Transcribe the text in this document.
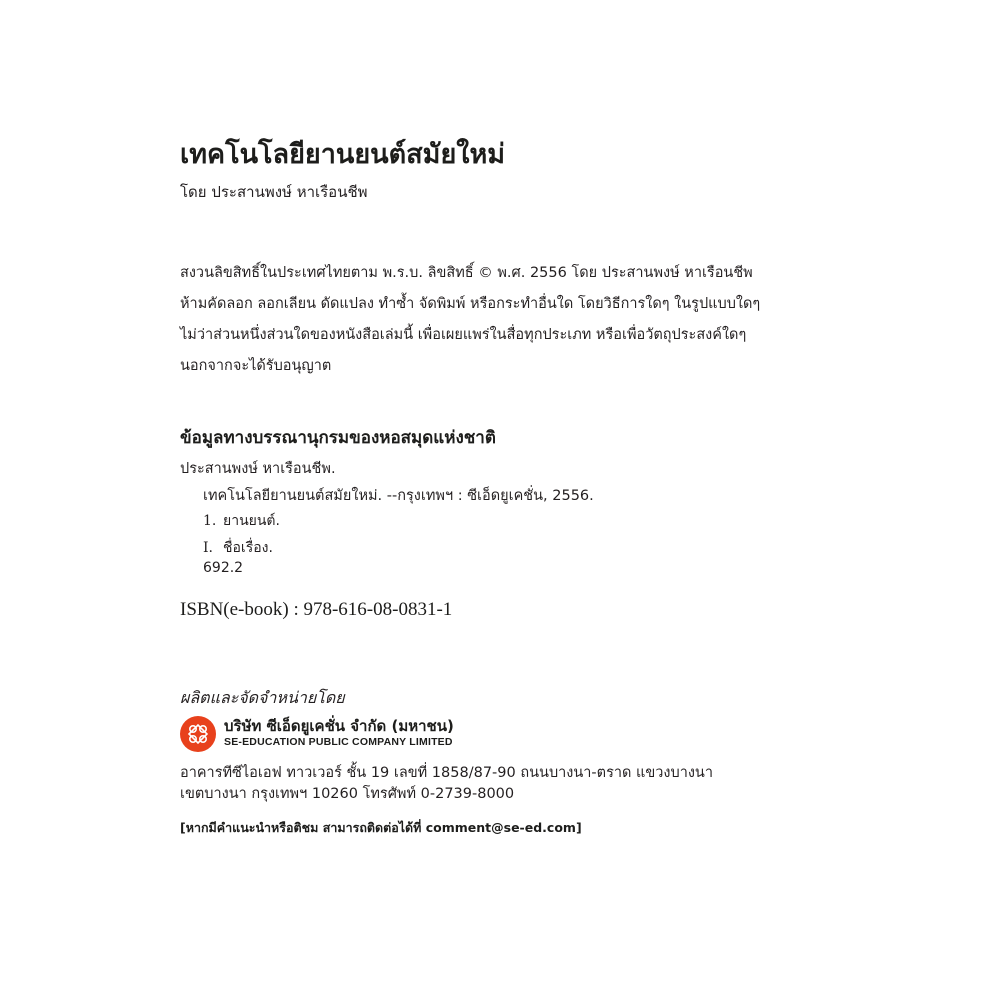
เทคโนโลยียานยนต์สมัยใหม่
โดย ประสานพงษ์ หาเรือนชีพ
สงวนลิขสิทธิ์ในประเทศไทยตาม พ.ร.บ. ลิขสิทธิ์ © พ.ศ. 2556 โดย ประสานพงษ์ หาเรือนชีพ
ห้ามคัดลอก ลอกเลียน ดัดแปลง ทำซ้ำ จัดพิมพ์ หรือกระทำอื่นใด โดยวิธีการใดๆ ในรูปแบบใดๆ
ไม่ว่าส่วนหนึ่งส่วนใดของหนังสือเล่มนี้ เพื่อเผยแพร่ในสื่อทุกประเภท หรือเพื่อวัตถุประสงค์ใดๆ
นอกจากจะได้รับอนุญาต
ข้อมูลทางบรรณานุกรมของหอสมุดแห่งชาติ
ประสานพงษ์ หาเรือนชีพ.
เทคโนโลยียานยนต์สมัยใหม่. --กรุงเทพฯ : ซีเอ็ดยูเคชั่น, 2556.
1. ยานยนต์.
I. ชื่อเรื่อง.
692.2
ISBN(e-book) : 978-616-08-0831-1
ผลิตและจัดจำหน่ายโดย
บริษัท ซีเอ็ดยูเคชั่น จำกัด (มหาชน)
SE-EDUCATION PUBLIC COMPANY LIMITED
อาคารทีซีไอเอฟ ทาวเวอร์ ชั้น 19 เลขที่ 1858/87-90 ถนนบางนา-ตราด แขวงบางนา
เขตบางนา กรุงเทพฯ 10260 โทรศัพท์ 0-2739-8000
[หากมีคำแนะนำหรือติชม สามารถติดต่อได้ที่ comment@se-ed.com]
